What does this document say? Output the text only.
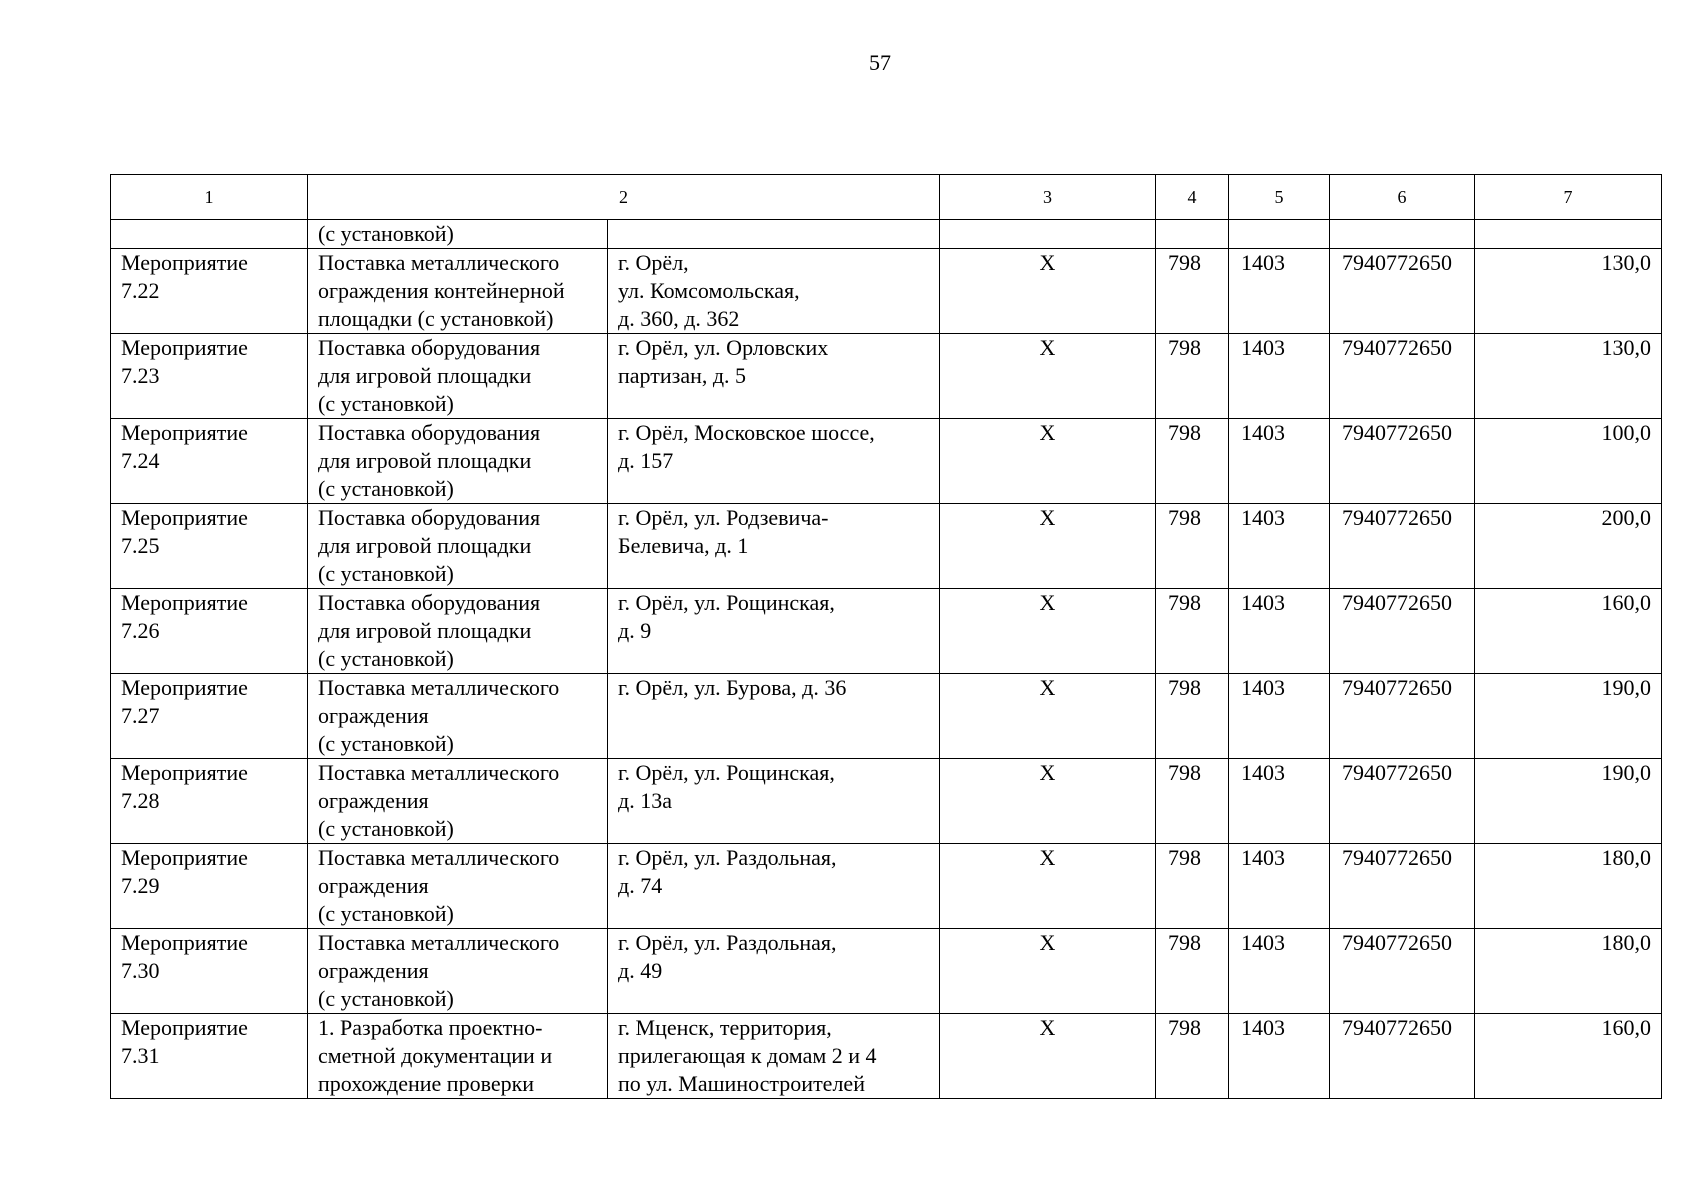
57
1	2		3	4	5	6	7
	(с установкой)						

Мероприятие
7.22	Поставка металлического
ограждения контейнерной
площадки (с установкой)	г. Орёл,
ул. Комсомольская,
д. 360, д. 362	Х	798	1403	7940772650	130,0

Мероприятие
7.23	Поставка оборудования
для игровой площадки
(с установкой)	г. Орёл, ул. Орловских
партизан, д. 5	Х	798	1403	7940772650	130,0

Мероприятие
7.24	Поставка оборудования
для игровой площадки
(с установкой)	г. Орёл, Московское шоссе,
д. 157	Х	798	1403	7940772650	100,0

Мероприятие
7.25	Поставка оборудования
для игровой площадки
(с установкой)	г. Орёл, ул. Родзевича-
Белевича, д. 1	Х	798	1403	7940772650	200,0

Мероприятие
7.26	Поставка оборудования
для игровой площадки
(с установкой)	г. Орёл, ул. Рощинская,
д. 9	Х	798	1403	7940772650	160,0

Мероприятие
7.27	Поставка металлического
ограждения
(с установкой)	г. Орёл, ул. Бурова, д. 36	Х	798	1403	7940772650	190,0

Мероприятие
7.28	Поставка металлического
ограждения
(с установкой)	г. Орёл, ул. Рощинская,
д. 13а	Х	798	1403	7940772650	190,0

Мероприятие
7.29	Поставка металлического
ограждения
(с установкой)	г. Орёл, ул. Раздольная,
д. 74	Х	798	1403	7940772650	180,0

Мероприятие
7.30	Поставка металлического
ограждения
(с установкой)	г. Орёл, ул. Раздольная,
д. 49	Х	798	1403	7940772650	180,0

Мероприятие
7.31	1. Разработка проектно-
сметной документации и
прохождение проверки	г. Мценск, территория,
прилегающая к домам 2 и 4
по ул. Машиностроителей	Х	798	1403	7940772650	160,0
